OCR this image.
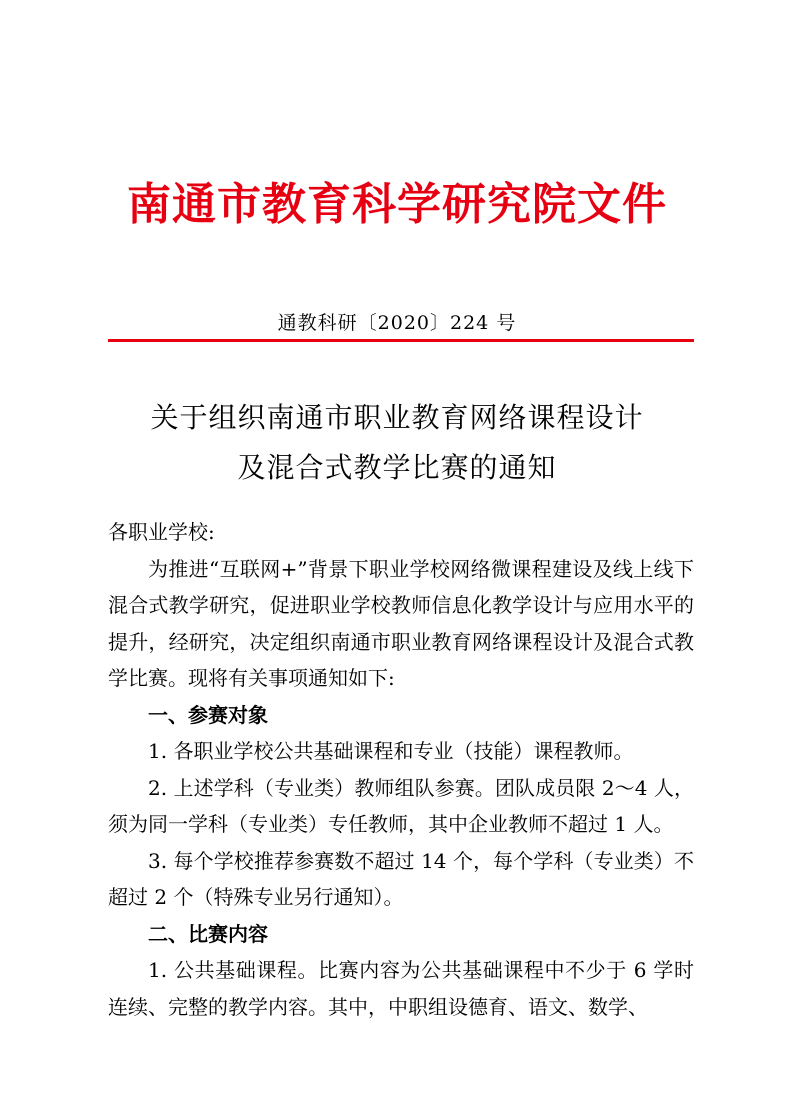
南通市教育科学研究院文件
通教科研〔2020〕224 号
关于组织南通市职业教育网络课程设计
及混合式教学比赛的通知

各职业学校:

为推进“互联网+”背景下职业学校网络微课程建设及线上线下混合式教学研究，促进职业学校教师信息化教学设计与应用水平的提升，经研究，决定组织南通市职业教育网络课程设计及混合式教学比赛。现将有关事项通知如下:

一、参赛对象

1. 各职业学校公共基础课程和专业（技能）课程教师。

2. 上述学科（专业类）教师组队参赛。团队成员限 2～4 人，须为同一学科（专业类）专任教师，其中企业教师不超过 1 人。

3. 每个学校推荐参赛数不超过 14 个，每个学科（专业类）不超过 2 个（特殊专业另行通知）。

二、比赛内容

1. 公共基础课程。比赛内容为公共基础课程中不少于 6 学时连续、完整的教学内容。其中，中职组设德育、语文、数学、
